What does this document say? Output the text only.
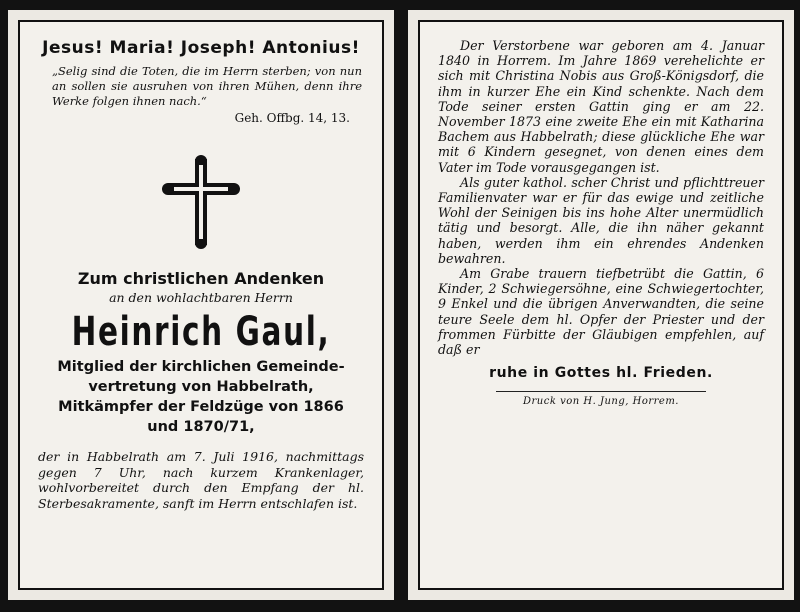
Jesus! Maria! Joseph! Antonius!
„Selig sind die Toten, die im Herrn sterben; von nun an sollen sie ausruhen von ihren Mühen, denn ihre Werke folgen ihnen nach.“
Geh. Offbg. 14, 13.
Zum christlichen Andenken
an den wohlachtbaren Herrn
Heinrich Gaul,
Mitglied der kirchlichen Gemeinde-
vertretung von Habbelrath,
Mitkämpfer der Feldzüge von 1866
und 1870/71,
der in Habbelrath am 7. Juli 1916, nachmittags gegen 7 Uhr, nach kurzem Krankenlager, wohlvorbereitet durch den Empfang der hl. Sterbesakramente, sanft im Herrn entschlafen ist.

Der Verstorbene war geboren am 4. Januar 1840 in Horrem. Im Jahre 1869 verehelichte er sich mit Christina Nobis aus Groß-Königsdorf, die ihm in kurzer Ehe ein Kind schenkte. Nach dem Tode seiner ersten Gattin ging er am 22. November 1873 eine zweite Ehe ein mit Katharina Bachem aus Habbelrath; diese glückliche Ehe war mit 6 Kindern gesegnet, von denen eines dem Vater im Tode vorausgegangen ist.

Als guter kathol. scher Christ und pflichttreuer Familienvater war er für das ewige und zeitliche Wohl der Seinigen bis ins hohe Alter unermüdlich tätig und besorgt. Alle, die ihn näher gekannt haben, werden ihm ein ehrendes Andenken bewahren.

Am Grabe trauern tiefbetrübt die Gattin, 6 Kinder, 2 Schwiegersöhne, eine Schwiegertochter, 9 Enkel und die übrigen Anverwandten, die seine teure Seele dem hl. Opfer der Priester und der frommen Fürbitte der Gläubigen empfehlen, auf daß er

ruhe in Gottes hl. Frieden.
Druck von H. Jung, Horrem.
